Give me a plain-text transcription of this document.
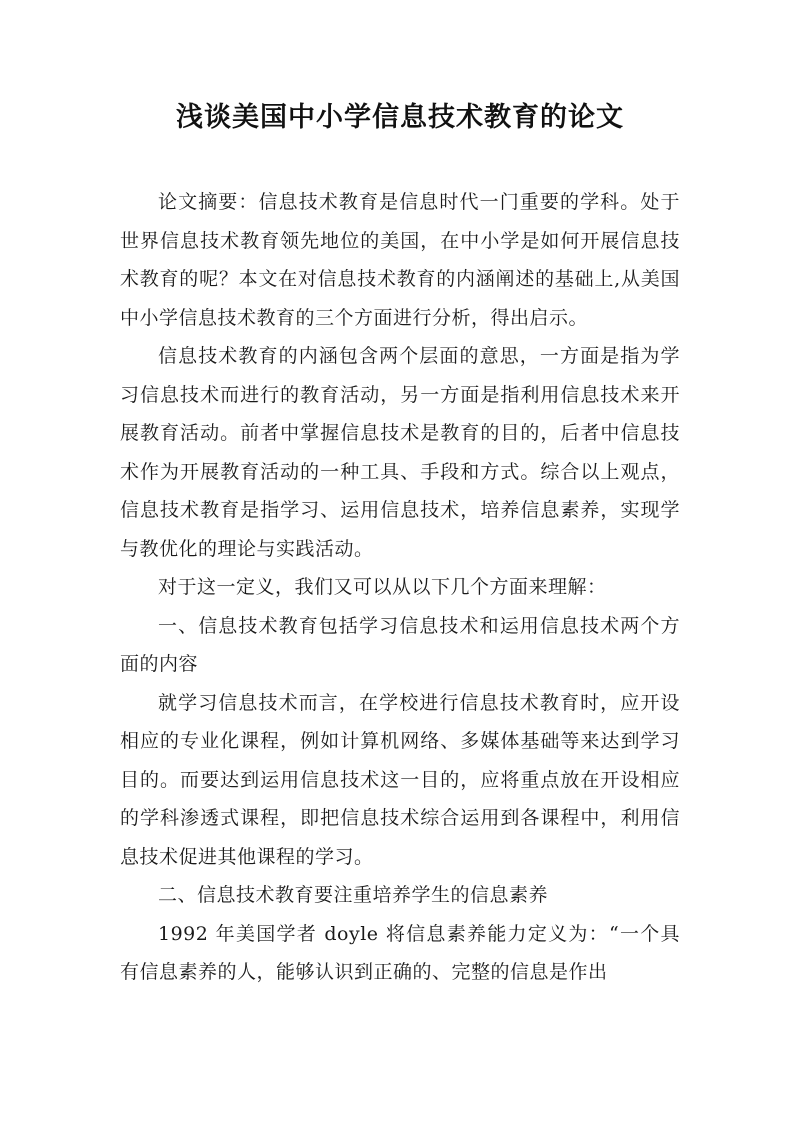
浅谈美国中小学信息技术教育的论文

论文摘要：信息技术教育是信息时代一门重要的学科。处于世界信息技术教育领先地位的美国，在中小学是如何开展信息技术教育的呢？本文在对信息技术教育的内涵阐述的基础上,从美国中小学信息技术教育的三个方面进行分析，得出启示。

信息技术教育的内涵包含两个层面的意思，一方面是指为学习信息技术而进行的教育活动，另一方面是指利用信息技术来开展教育活动。前者中掌握信息技术是教育的目的，后者中信息技术作为开展教育活动的一种工具、手段和方式。综合以上观点，信息技术教育是指学习、运用信息技术，培养信息素养，实现学与教优化的理论与实践活动。

对于这一定义，我们又可以从以下几个方面来理解：

一、信息技术教育包括学习信息技术和运用信息技术两个方面的内容

就学习信息技术而言，在学校进行信息技术教育时，应开设相应的专业化课程，例如计算机网络、多媒体基础等来达到学习目的。而要达到运用信息技术这一目的，应将重点放在开设相应的学科渗透式课程，即把信息技术综合运用到各课程中，利用信息技术促进其他课程的学习。

二、信息技术教育要注重培养学生的信息素养

1992 年美国学者 doyle 将信息素养能力定义为：“一个具有信息素养的人，能够认识到正确的、完整的信息是作出
